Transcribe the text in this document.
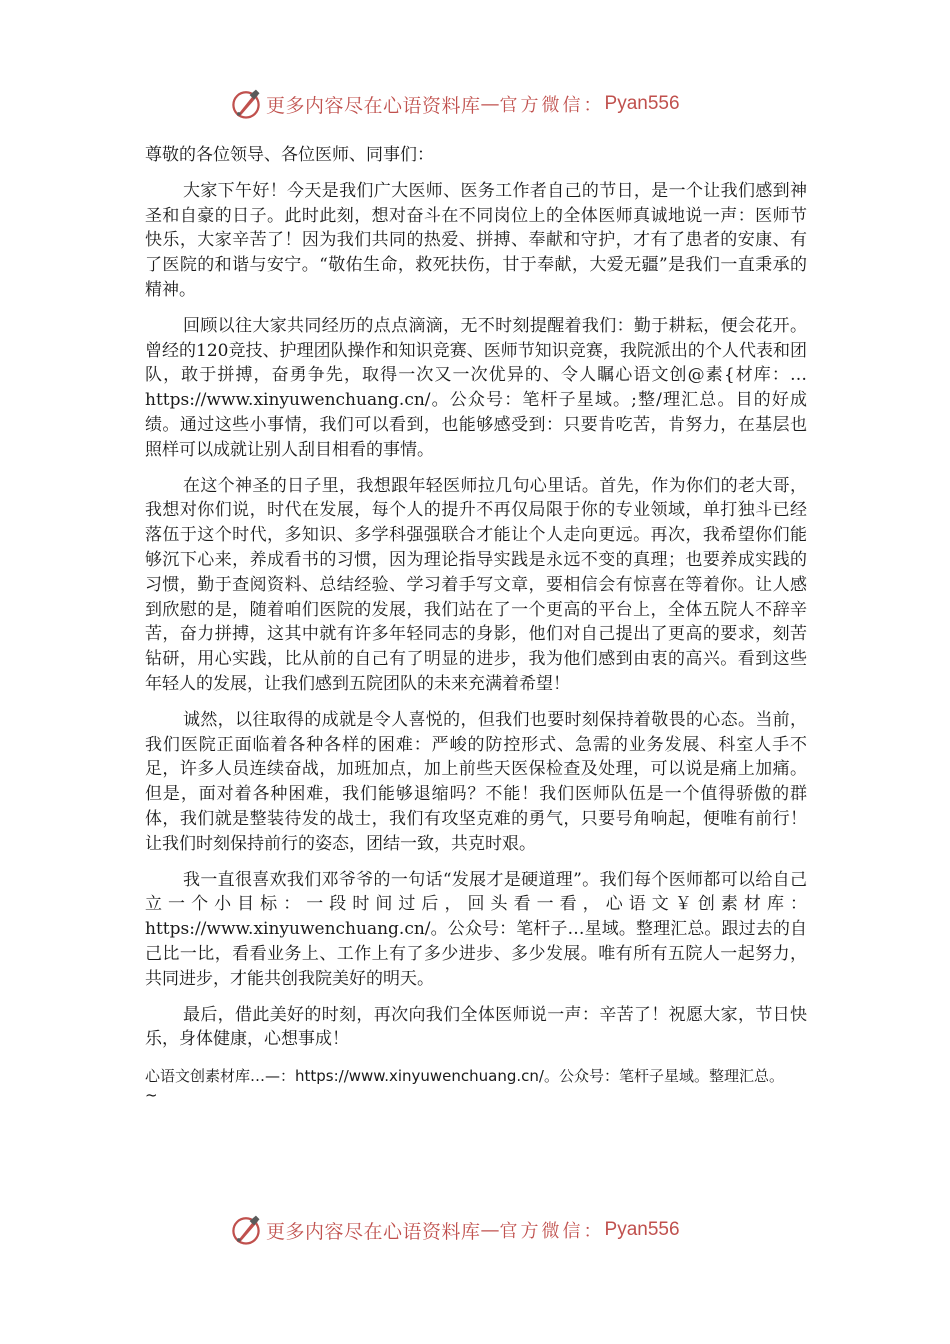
更多内容尽在心语资料库 — 官方微信： Pyan556

尊敬的各位领导、各位医师、同事们：

大家下午好！今天是我们广大医师、医务工作者自己的节日，是一个让我们感到神圣和自豪的日子。此时此刻，想对奋斗在不同岗位上的全体医师真诚地说一声：医师节快乐，大家辛苦了！因为我们共同的热爱、拼搏、奉献和守护，才有了患者的安康、有了医院的和谐与安宁。“敬佑生命，救死扶伤，甘于奉献，大爱无疆”是我们一直秉承的精神。

回顾以往大家共同经历的点点滴滴，无不时刻提醒着我们：勤于耕耘，便会花开。曾经的120竞技、护理团队操作和知识竞赛、医师节知识竞赛，我院派出的个人代表和团队，敢于拼搏，奋勇争先，取得一次又一次优异的、令人瞩心语文创@素{材库：…https://www.xinyuwenchuang.cn/。公众号：笔杆子星域。;整/理汇总。目的好成绩。通过这些小事情，我们可以看到，也能够感受到：只要肯吃苦，肯努力，在基层也照样可以成就让别人刮目相看的事情。

在这个神圣的日子里，我想跟年轻医师拉几句心里话。首先，作为你们的老大哥，我想对你们说，时代在发展，每个人的提升不再仅局限于你的专业领域，单打独斗已经落伍于这个时代，多知识、多学科强强联合才能让个人走向更远。再次，我希望你们能够沉下心来，养成看书的习惯，因为理论指导实践是永远不变的真理；也要养成实践的习惯，勤于查阅资料、总结经验、学习着手写文章，要相信会有惊喜在等着你。让人感到欣慰的是，随着咱们医院的发展，我们站在了一个更高的平台上，全体五院人不辞辛苦，奋力拼搏，这其中就有许多年轻同志的身影，他们对自己提出了更高的要求，刻苦钻研，用心实践，比从前的自己有了明显的进步，我为他们感到由衷的高兴。看到这些年轻人的发展，让我们感到五院团队的未来充满着希望！

诚然，以往取得的成就是令人喜悦的，但我们也要时刻保持着敬畏的心态。当前，我们医院正面临着各种各样的困难：严峻的防控形式、急需的业务发展、科室人手不足，许多人员连续奋战，加班加点，加上前些天医保检查及处理，可以说是痛上加痛。但是，面对着各种困难，我们能够退缩吗？不能！我们医师队伍是一个值得骄傲的群体，我们就是整装待发的战士，我们有攻坚克难的勇气，只要号角响起，便唯有前行！让我们时刻保持前行的姿态，团结一致，共克时艰。

我一直很喜欢我们邓爷爷的一句话“发展才是硬道理”。我们每个医师都可以给自己立一个小目标：一段时间过后，回头看一看，心语文￥创素材库：https://www.xinyuwenchuang.cn/。公众号：笔杆子…星域。整理汇总。跟过去的自己比一比，看看业务上、工作上有了多少进步、多少发展。唯有所有五院人一起努力，共同进步，才能共创我院美好的明天。

最后，借此美好的时刻，再次向我们全体医师说一声：辛苦了！祝愿大家，节日快乐，身体健康，心想事成！

心语文创素材库…—：https://www.xinyuwenchuang.cn/。公众号：笔杆子星域。整理汇总。

~
更多内容尽在心语资料库 — 官方微信： Pyan556
